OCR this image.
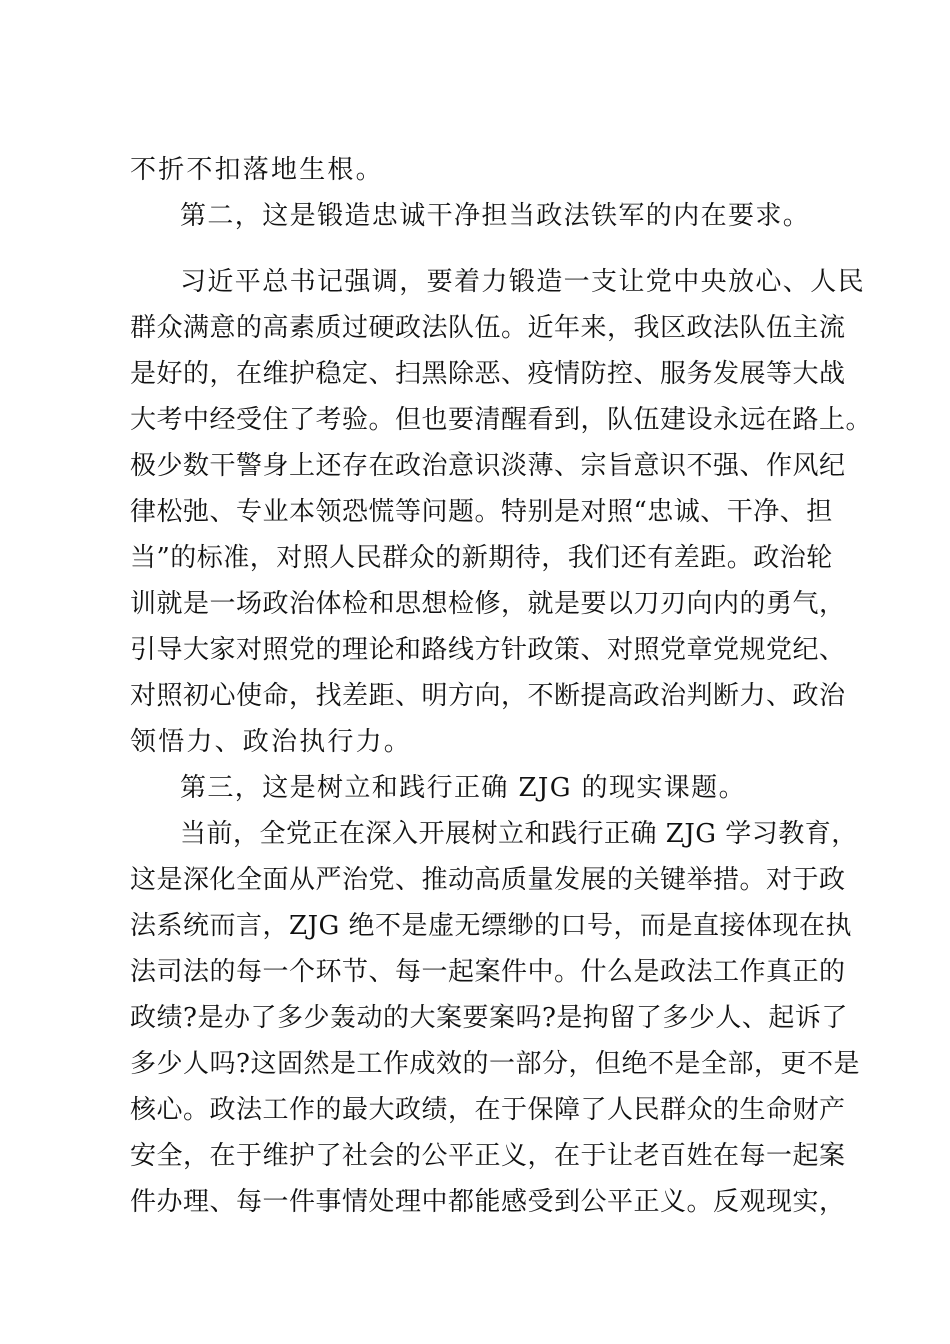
不折不扣落地生根。
第二，这是锻造忠诚干净担当政法铁军的内在要求。
习近平总书记强调，要着力锻造一支让党中央放心、人民
群众满意的高素质过硬政法队伍。近年来，我区政法队伍主流
是好的，在维护稳定、扫黑除恶、疫情防控、服务发展等大战
大考中经受住了考验。但也要清醒看到，队伍建设永远在路上。
极少数干警身上还存在政治意识淡薄、宗旨意识不强、作风纪
律松弛、专业本领恐慌等问题。特别是对照“忠诚、干净、担
当”的标准，对照人民群众的新期待，我们还有差距。政治轮
训就是一场政治体检和思想检修，就是要以刀刃向内的勇气，
引导大家对照党的理论和路线方针政策、对照党章党规党纪、
对照初心使命，找差距、明方向，不断提高政治判断力、政治
领悟力、政治执行力。
第三，这是树立和践行正确 ZJG 的现实课题。
当前，全党正在深入开展树立和践行正确 ZJG 学习教育，
这是深化全面从严治党、推动高质量发展的关键举措。对于政
法系统而言，ZJG 绝不是虚无缥缈的口号，而是直接体现在执
法司法的每一个环节、每一起案件中。什么是政法工作真正的
政绩?是办了多少轰动的大案要案吗?是拘留了多少人、起诉了
多少人吗?这固然是工作成效的一部分，但绝不是全部，更不是
核心。政法工作的最大政绩，在于保障了人民群众的生命财产
安全，在于维护了社会的公平正义，在于让老百姓在每一起案
件办理、每一件事情处理中都能感受到公平正义。反观现实，
